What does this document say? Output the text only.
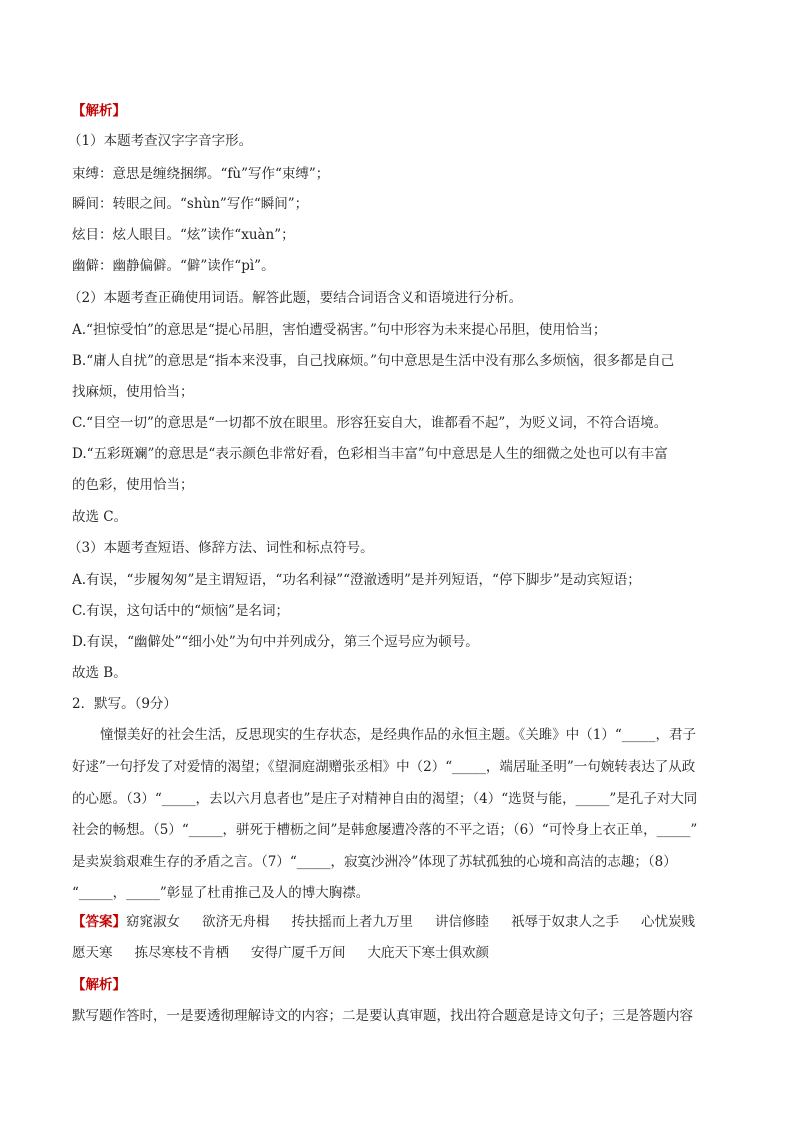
【解析】
（1）本题考查汉字字音字形。
束缚：意思是缠绕捆绑。“fù”写作“束缚”；
瞬间：转眼之间。“shùn”写作“瞬间”；
炫目：炫人眼目。“炫”读作“xuàn”；
幽僻：幽静偏僻。“僻”读作“pì”。
（2）本题考查正确使用词语。解答此题，要结合词语含义和语境进行分析。
A.“担惊受怕”的意思是“提心吊胆，害怕遭受祸害。”句中形容为未来提心吊胆，使用恰当；
B.“庸人自扰”的意思是“指本来没事，自己找麻烦。”句中意思是生活中没有那么多烦恼，很多都是自己
找麻烦，使用恰当；
C.“目空一切”的意思是“一切都不放在眼里。形容狂妄自大，谁都看不起”，为贬义词，不符合语境。
D.“五彩斑斓”的意思是“表示颜色非常好看，色彩相当丰富”句中意思是人生的细微之处也可以有丰富
的色彩，使用恰当；
故选 C。
（3）本题考查短语、修辞方法、词性和标点符号。
A.有误，“步履匆匆”是主谓短语，“功名利禄”“澄澈透明”是并列短语，“停下脚步”是动宾短语；
C.有误，这句话中的“烦恼”是名词；
D.有误，“幽僻处”“细小处”为句中并列成分，第三个逗号应为顿号。
故选 B。
2．默写。（9分）
憧憬美好的社会生活，反思现实的生存状态，是经典作品的永恒主题。《关雎》中（1）“_____，君子
好逑”一句抒发了对爱情的渴望；《望洞庭湖赠张丞相》中（2）“_____，端居耻圣明”一句婉转表达了从政
的心愿。（3）“_____，去以六月息者也”是庄子对精神自由的渴望；（4）“选贤与能，_____”是孔子对大同
社会的畅想。（5）“_____，骈死于槽枥之间”是韩愈屡遭冷落的不平之语；（6）“可怜身上衣正单，_____”
是卖炭翁艰难生存的矛盾之言。（7）“_____，寂寞沙洲冷”体现了苏轼孤独的心境和高洁的志趣；（8）
“_____，_____”彰显了杜甫推己及人的博大胸襟。
【答案】窈窕淑女 欲济无舟楫 抟扶摇而上者九万里 讲信修睦 祇辱于奴隶人之手 心忧炭贱
愿天寒 拣尽寒枝不肯栖 安得广厦千万间 大庇天下寒士俱欢颜
【解析】
默写题作答时，一是要透彻理解诗文的内容；二是要认真审题，找出符合题意是诗文句子；三是答题内容
